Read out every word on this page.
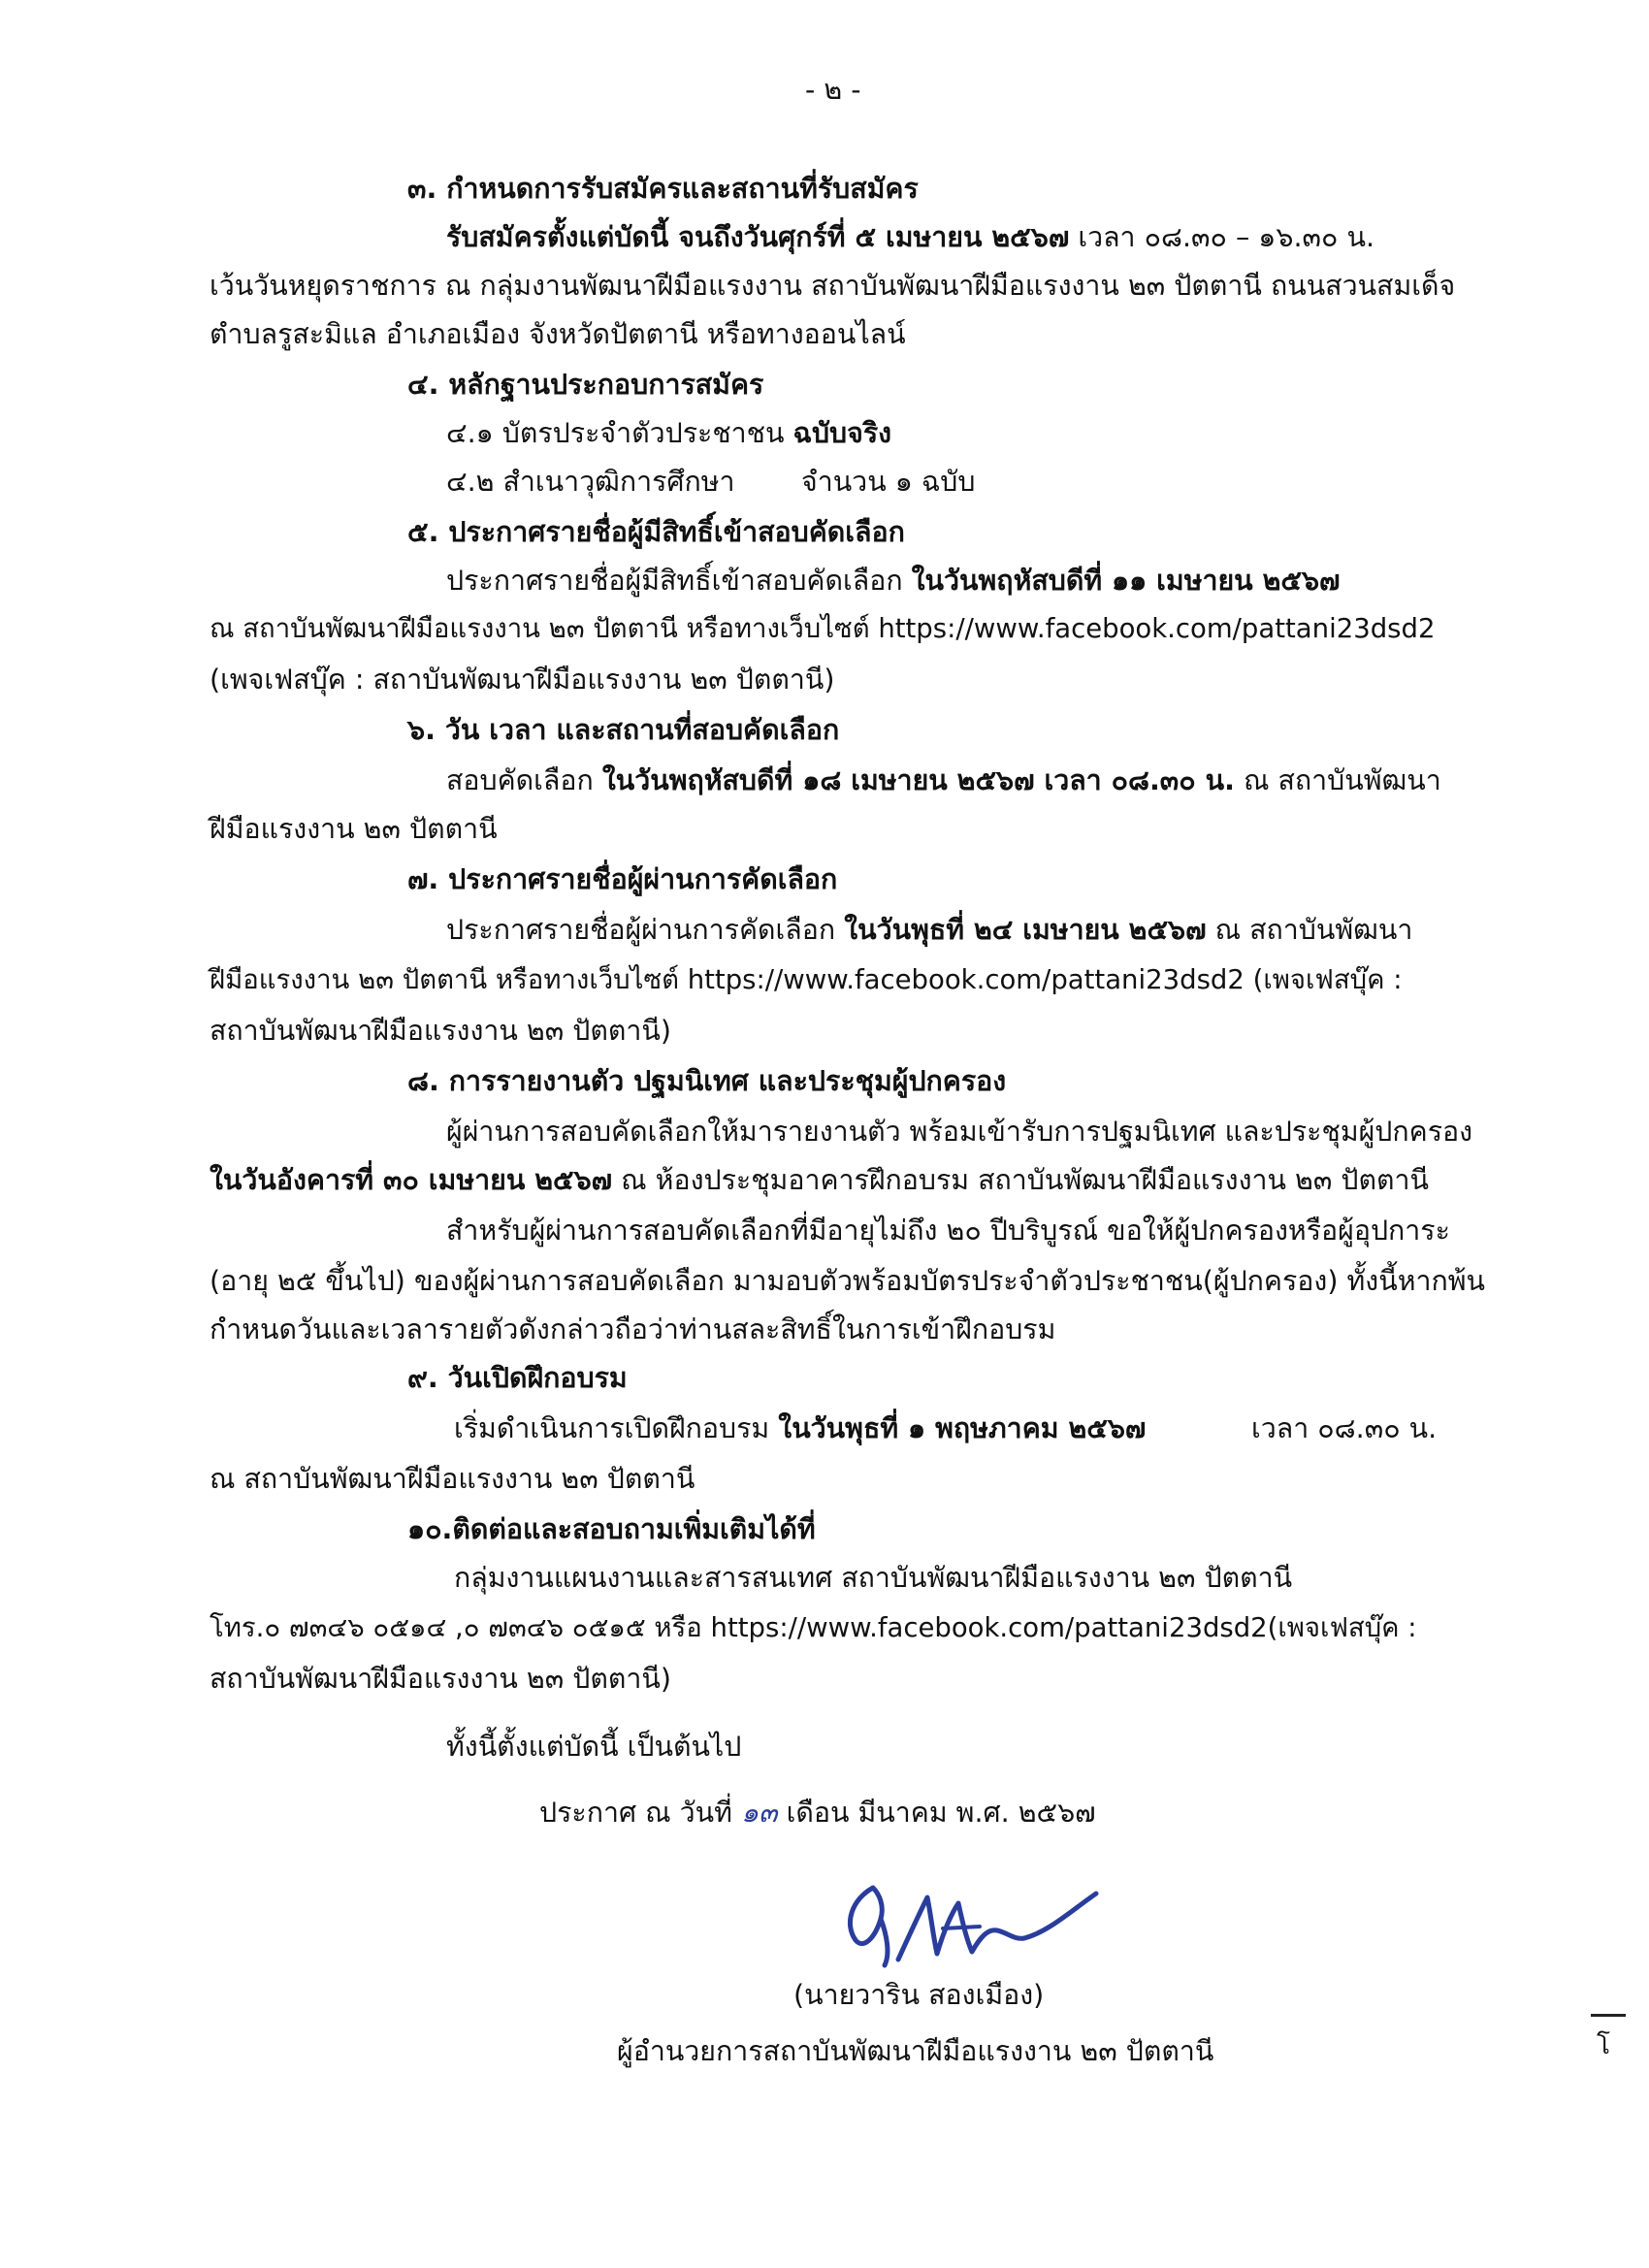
- ๒ -
๓. กำหนดการรับสมัครและสถานที่รับสมัคร
รับสมัครตั้งแต่บัดนี้ จนถึงวันศุกร์ที่ ๕ เมษายน ๒๕๖๗ เวลา ๐๘.๓๐ – ๑๖.๓๐ น.
เว้นวันหยุดราชการ ณ กลุ่มงานพัฒนาฝีมือแรงงาน สถาบันพัฒนาฝีมือแรงงาน ๒๓ ปัตตานี ถนนสวนสมเด็จ
ตำบลรูสะมิแล อำเภอเมือง จังหวัดปัตตานี หรือทางออนไลน์
๔. หลักฐานประกอบการสมัคร
๔.๑ บัตรประจำตัวประชาชน ฉบับจริง
๔.๒ สำเนาวุฒิการศึกษา จำนวน ๑ ฉบับ
๕. ประกาศรายชื่อผู้มีสิทธิ์เข้าสอบคัดเลือก
ประกาศรายชื่อผู้มีสิทธิ์เข้าสอบคัดเลือก ในวันพฤหัสบดีที่ ๑๑ เมษายน ๒๕๖๗
ณ สถาบันพัฒนาฝีมือแรงงาน ๒๓ ปัตตานี หรือทางเว็บไซต์ https://www.facebook.com/pattani23dsd2
(เพจเฟสบุ๊ค : สถาบันพัฒนาฝีมือแรงงาน ๒๓ ปัตตานี)
๖. วัน เวลา และสถานที่สอบคัดเลือก
สอบคัดเลือก ในวันพฤหัสบดีที่ ๑๘ เมษายน ๒๕๖๗ เวลา ๐๘.๓๐ น. ณ สถาบันพัฒนา
ฝีมือแรงงาน ๒๓ ปัตตานี
๗. ประกาศรายชื่อผู้ผ่านการคัดเลือก
ประกาศรายชื่อผู้ผ่านการคัดเลือก ในวันพุธที่ ๒๔ เมษายน ๒๕๖๗ ณ สถาบันพัฒนา
ฝีมือแรงงาน ๒๓ ปัตตานี หรือทางเว็บไซต์ https://www.facebook.com/pattani23dsd2 (เพจเฟสบุ๊ค :
สถาบันพัฒนาฝีมือแรงงาน ๒๓ ปัตตานี)
๘. การรายงานตัว ปฐมนิเทศ และประชุมผู้ปกครอง
ผู้ผ่านการสอบคัดเลือกให้มารายงานตัว พร้อมเข้ารับการปฐมนิเทศ และประชุมผู้ปกครอง
ในวันอังคารที่ ๓๐ เมษายน ๒๕๖๗ ณ ห้องประชุมอาคารฝึกอบรม สถาบันพัฒนาฝีมือแรงงาน ๒๓ ปัตตานี
สำหรับผู้ผ่านการสอบคัดเลือกที่มีอายุไม่ถึง ๒๐ ปีบริบูรณ์ ขอให้ผู้ปกครองหรือผู้อุปการะ
(อายุ ๒๕ ขึ้นไป) ของผู้ผ่านการสอบคัดเลือก มามอบตัวพร้อมบัตรประจำตัวประชาชน(ผู้ปกครอง) ทั้งนี้หากพ้น
กำหนดวันและเวลารายตัวดังกล่าวถือว่าท่านสละสิทธิ์ในการเข้าฝึกอบรม
๙. วันเปิดฝึกอบรม
เริ่มดำเนินการเปิดฝึกอบรม ในวันพุธที่ ๑ พฤษภาคม ๒๕๖๗	เวลา ๐๘.๓๐ น.
ณ สถาบันพัฒนาฝีมือแรงงาน ๒๓ ปัตตานี
๑๐.ติดต่อและสอบถามเพิ่มเติมได้ที่
กลุ่มงานแผนงานและสารสนเทศ สถาบันพัฒนาฝีมือแรงงาน ๒๓ ปัตตานี
โทร.๐ ๗๓๔๖ ๐๕๑๔ ,๐ ๗๓๔๖ ๐๕๑๕ หรือ https://www.facebook.com/pattani23dsd2(เพจเฟสบุ๊ค :
สถาบันพัฒนาฝีมือแรงงาน ๒๓ ปัตตานี)
ทั้งนี้ตั้งแต่บัดนี้ เป็นต้นไป
ประกาศ ณ วันที่ ๑๓ เดือน มีนาคม พ.ศ. ๒๕๖๗
(นายวาริน สองเมือง)
ผู้อำนวยการสถาบันพัฒนาฝีมือแรงงาน ๒๓ ปัตตานี	โ
